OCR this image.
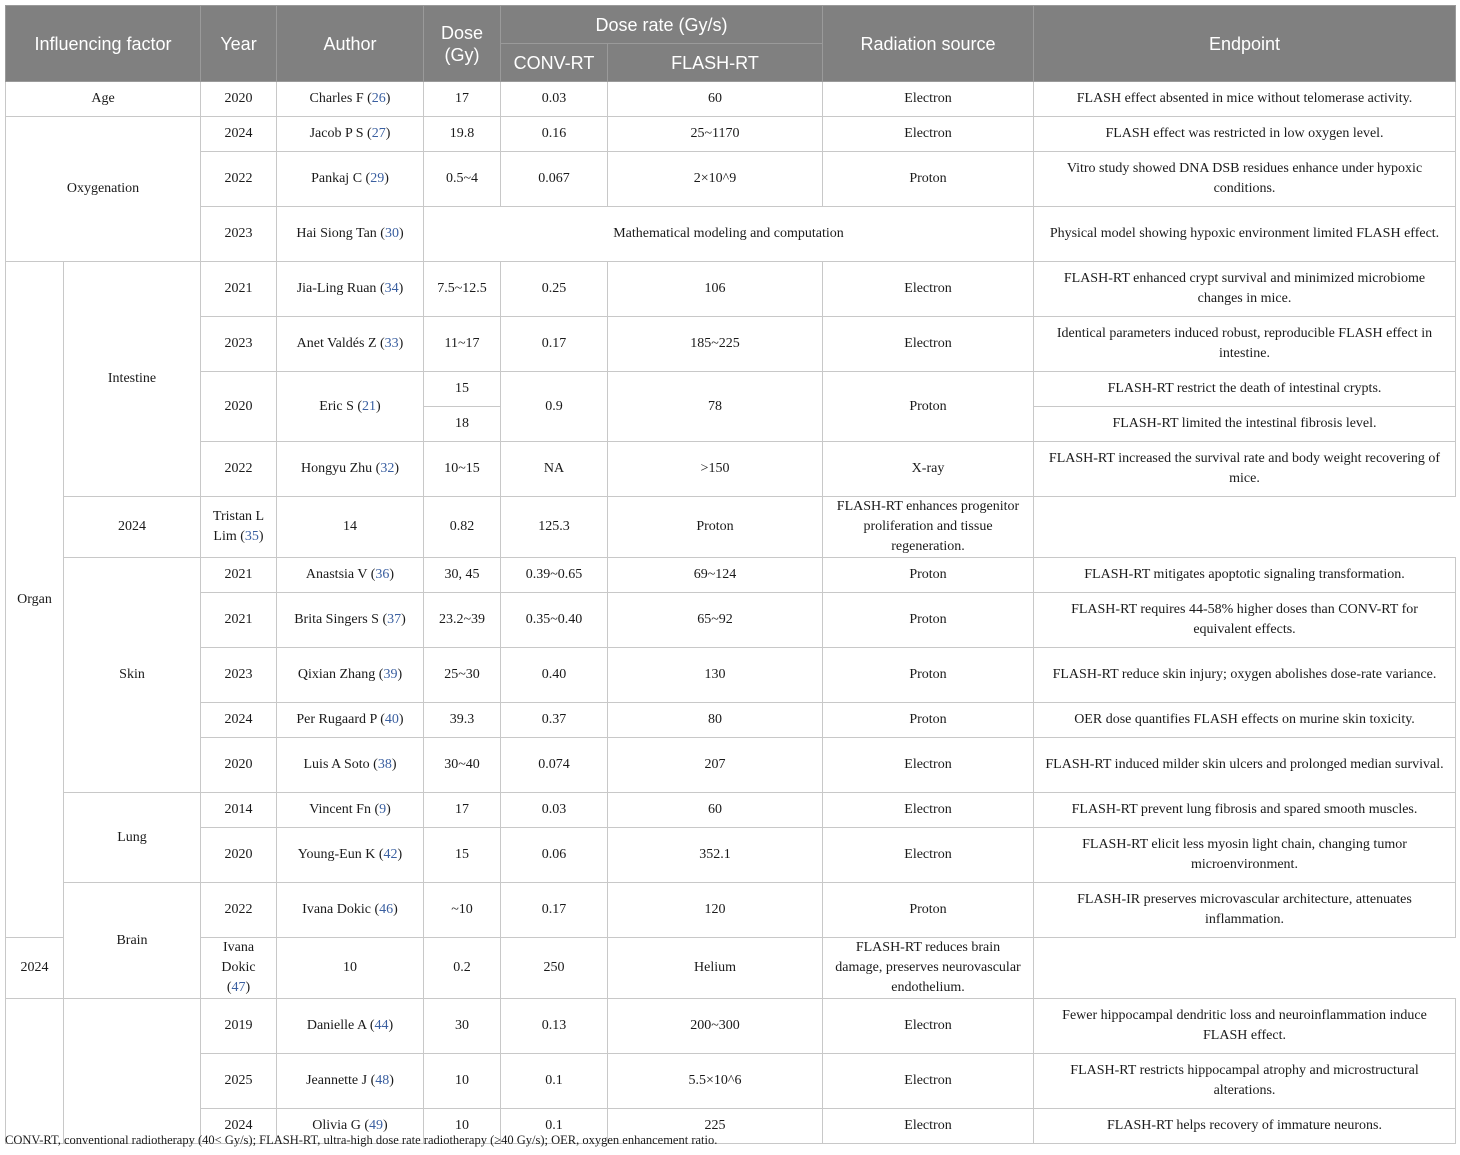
Influencing factor		Year	Author	Dose (Gy)	Dose rate (Gy/s)		Radiation source	Endpoint
					CONV-RT	FLASH-RT		
Age		2020	Charles F (26)	17	0.03	60	Electron	FLASH effect absented in mice without telomerase activity.
Oxygenation		2024	Jacob P S (27)	19.8	0.16	25~1170	Electron	FLASH effect was restricted in low oxygen level.
		2022	Pankaj C (29)	0.5~4	0.067	2×10^9	Proton	Vitro study showed DNA DSB residues enhance under hypoxic conditions.
		2023	Hai Siong Tan (30)	Mathematical modeling and computation				Physical model showing hypoxic environment limited FLASH effect.
Organ	Intestine	2021	Jia-Ling Ruan (34)	7.5~12.5	0.25	106	Electron	FLASH-RT enhanced crypt survival and minimized microbiome changes in mice.
		2023	Anet Valdés Z (33)	11~17	0.17	185~225	Electron	Identical parameters induced robust, reproducible FLASH effect in intestine.
		2020	Eric S (21)	15	0.9	78	Proton	FLASH-RT restrict the death of intestinal crypts.
				18				FLASH-RT limited the intestinal fibrosis level.
		2022	Hongyu Zhu (32)	10~15	NA	>150	X-ray	FLASH-RT increased the survival rate and body weight recovering of mice.
	2024	Tristan L Lim (35)	14	0.82	125.3	Proton	FLASH-RT enhances progenitor proliferation and tissue regeneration.	
	Skin	2021	Anastsia V (36)	30, 45	0.39~0.65	69~124	Proton	FLASH-RT mitigates apoptotic signaling transformation.
		2021	Brita Singers S (37)	23.2~39	0.35~0.40	65~92	Proton	FLASH-RT requires 44-58% higher doses than CONV-RT for equivalent effects.
		2023	Qixian Zhang (39)	25~30	0.40	130	Proton	FLASH-RT reduce skin injury; oxygen abolishes dose-rate variance.
		2024	Per Rugaard P (40)	39.3	0.37	80	Proton	OER dose quantifies FLASH effects on murine skin toxicity.
		2020	Luis A Soto (38)	30~40	0.074	207	Electron	FLASH-RT induced milder skin ulcers and prolonged median survival.
	Lung	2014	Vincent Fn (9)	17	0.03	60	Electron	FLASH-RT prevent lung fibrosis and spared smooth muscles.
		2020	Young-Eun K (42)	15	0.06	352.1	Electron	FLASH-RT elicit less myosin light chain, changing tumor microenvironment.
	Brain	2022	Ivana Dokic (46)	~10	0.17	120	Proton	FLASH-IR preserves microvascular architecture, attenuates inflammation.
2024		Ivana Dokic (47)	10	0.2	250	Helium	FLASH-RT reduces brain damage, preserves neurovascular endothelium.	
		2019	Danielle A (44)	30	0.13	200~300	Electron	Fewer hippocampal dendritic loss and neuroinflammation induce FLASH effect.
		2025	Jeannette J (48)	10	0.1	5.5×10^6	Electron	FLASH-RT restricts hippocampal atrophy and microstructural alterations.
		2024	Olivia G (49)	10	0.1	225	Electron	FLASH-RT helps recovery of immature neurons.
CONV-RT, conventional radiotherapy (40< Gy/s); FLASH-RT, ultra-high dose rate radiotherapy (≥40 Gy/s); OER, oxygen enhancement ratio.
